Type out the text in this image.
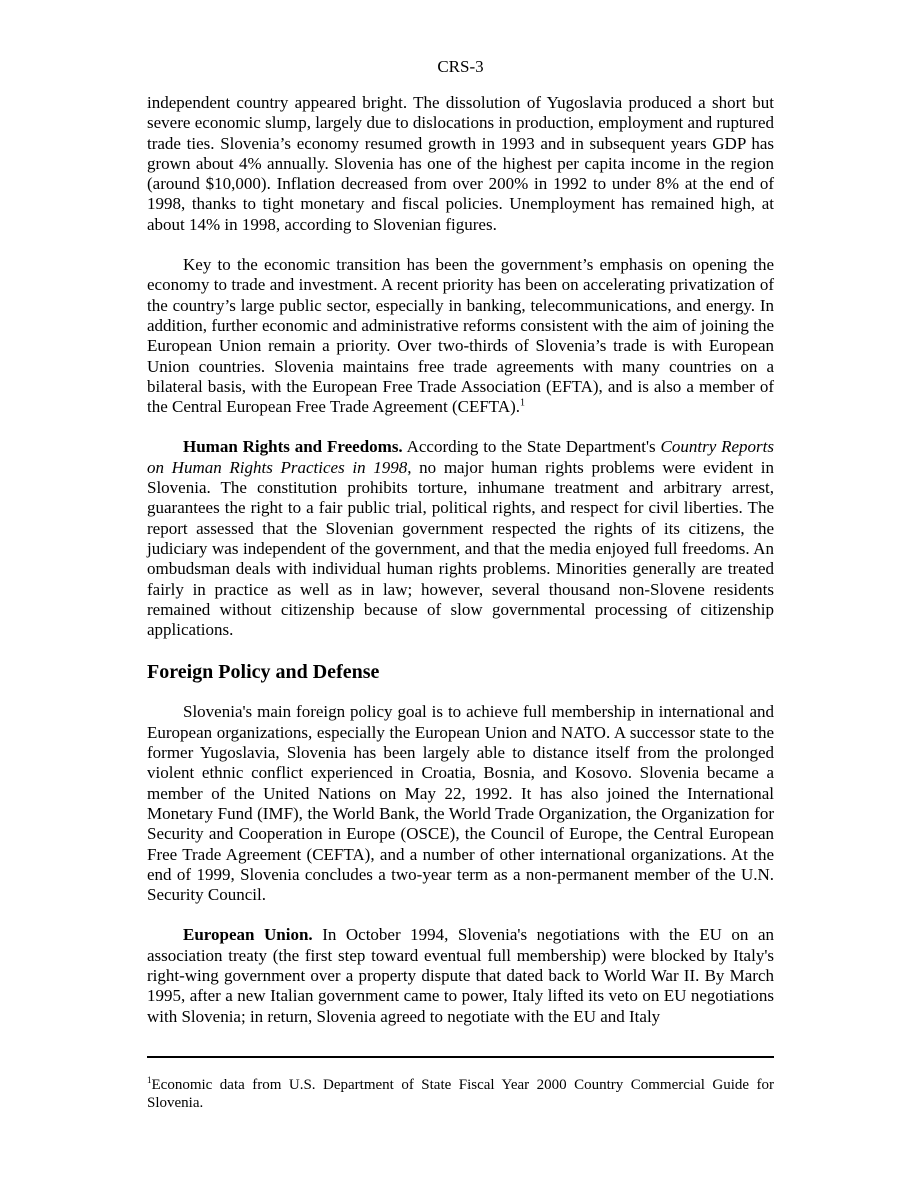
CRS-3

independent country appeared bright. The dissolution of Yugoslavia produced a short but severe economic slump, largely due to dislocations in production, employment and ruptured trade ties. Slovenia’s economy resumed growth in 1993 and in subsequent years GDP has grown about 4% annually. Slovenia has one of the highest per capita income in the region (around $10,000). Inflation decreased from over 200% in 1992 to under 8% at the end of 1998, thanks to tight monetary and fiscal policies. Unemployment has remained high, at about 14% in 1998, according to Slovenian figures.

Key to the economic transition has been the government’s emphasis on opening the economy to trade and investment. A recent priority has been on accelerating privatization of the country’s large public sector, especially in banking, telecommunications, and energy. In addition, further economic and administrative reforms consistent with the aim of joining the European Union remain a priority. Over two-thirds of Slovenia’s trade is with European Union countries. Slovenia maintains free trade agreements with many countries on a bilateral basis, with the European Free Trade Association (EFTA), and is also a member of the Central European Free Trade Agreement (CEFTA).$^1$

Human Rights and Freedoms. According to the State Department's Country Reports on Human Rights Practices in 1998, no major human rights problems were evident in Slovenia. The constitution prohibits torture, inhumane treatment and arbitrary arrest, guarantees the right to a fair public trial, political rights, and respect for civil liberties. The report assessed that the Slovenian government respected the rights of its citizens, the judiciary was independent of the government, and that the media enjoyed full freedoms. An ombudsman deals with individual human rights problems. Minorities generally are treated fairly in practice as well as in law; however, several thousand non-Slovene residents remained without citizenship because of slow governmental processing of citizenship applications.

Foreign Policy and Defense

Slovenia's main foreign policy goal is to achieve full membership in international and European organizations, especially the European Union and NATO. A successor state to the former Yugoslavia, Slovenia has been largely able to distance itself from the prolonged violent ethnic conflict experienced in Croatia, Bosnia, and Kosovo. Slovenia became a member of the United Nations on May 22, 1992. It has also joined the International Monetary Fund (IMF), the World Bank, the World Trade Organization, the Organization for Security and Cooperation in Europe (OSCE), the Council of Europe, the Central European Free Trade Agreement (CEFTA), and a number of other international organizations. At the end of 1999, Slovenia concludes a two-year term as a non-permanent member of the U.N. Security Council.

European Union. In October 1994, Slovenia's negotiations with the EU on an association treaty (the first step toward eventual full membership) were blocked by Italy's right-wing government over a property dispute that dated back to World War II. By March 1995, after a new Italian government came to power, Italy lifted its veto on EU negotiations with Slovenia; in return, Slovenia agreed to negotiate with the EU and Italy

$^1$Economic data from U.S. Department of State Fiscal Year 2000 Country Commercial Guide for Slovenia.
